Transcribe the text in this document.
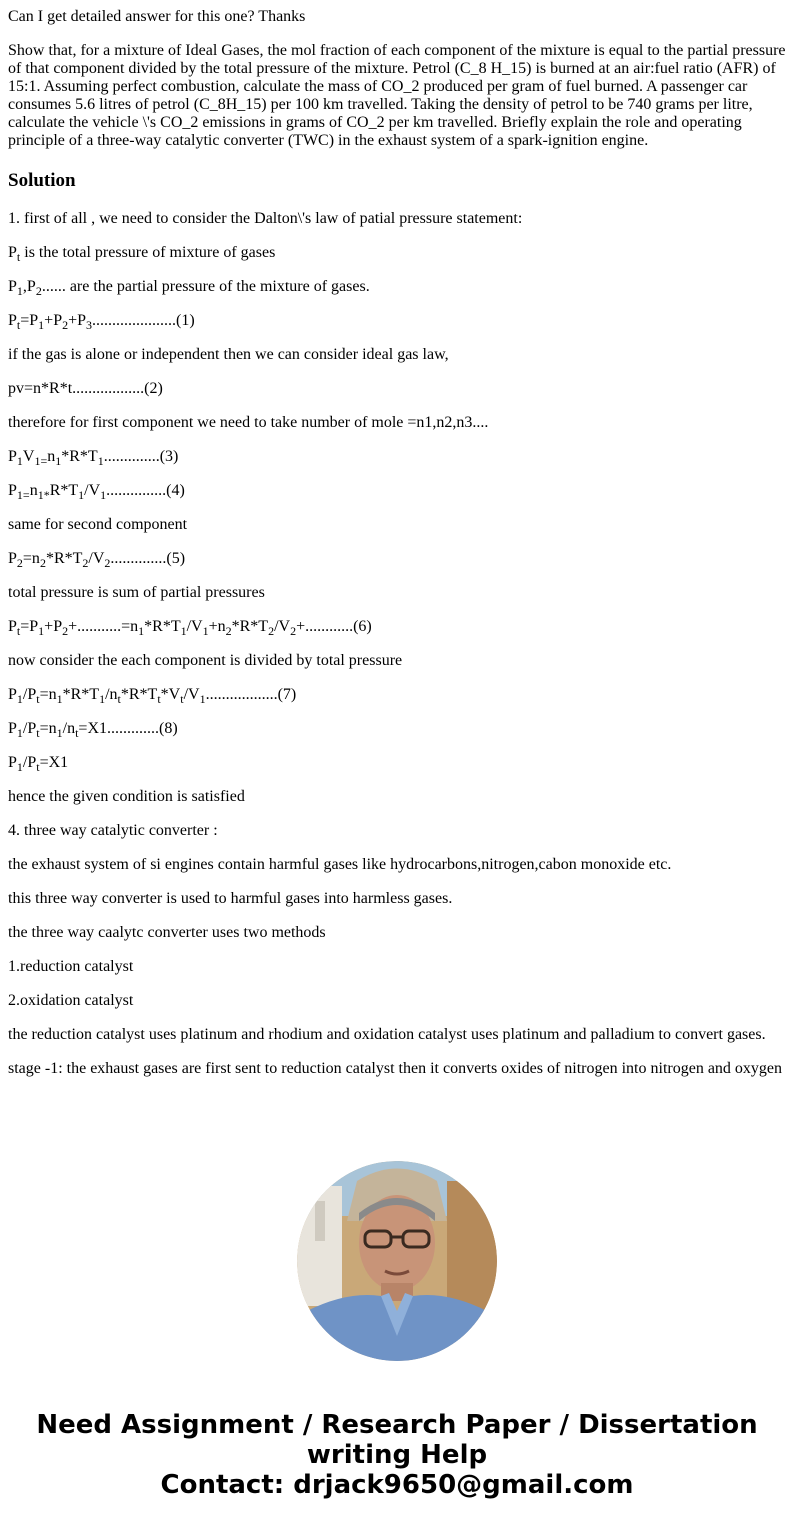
Can I get detailed answer for this one? Thanks

Show that, for a mixture of Ideal Gases, the mol fraction of each component of the mixture is equal to the partial pressure of that component divided by the total pressure of the mixture. Petrol (C_8 H_15) is burned at an air:fuel ratio (AFR) of 15:1. Assuming perfect combustion, calculate the mass of CO_2 produced per gram of fuel burned. A passenger car consumes 5.6 litres of petrol (C_8H_15) per 100 km travelled. Taking the density of petrol to be 740 grams per litre, calculate the vehicle \'s CO_2 emissions in grams of CO_2 per km travelled. Briefly explain the role and operating principle of a three-way catalytic converter (TWC) in the exhaust system of a spark-ignition engine.

Solution

1. first of all , we need to consider the Dalton\'s law of patial pressure statement:

$P_t$ is the total pressure of mixture of gases

$P_1,P_2$...... are the partial pressure of the mixture of gases.

$P_t=P_1+P_2+P_3.....................(1)$

if the gas is alone or independent then we can consider ideal gas law,

pv=n*R*t..................(2)

therefore for first component we need to take number of mole =n1,n2,n3....

$P_1V_{1=}n_1*R*T_1..............(3)$

$P_{1=}n_{1*}R*T_1/V_1...............(4)$

same for second component

$P_2=n_2*R*T_2/V_2..............(5)$

total pressure is sum of partial pressures

$P_t=P_1+P_2+...........=n_1*R*T_1/V_1+n_2*R*T_2/V_2+............(6)$

now consider the each component is divided by total pressure

$P_1/P_t=n_1*R*T_1/n_t*R*T_t*V_t/V_1..................(7)$

$P_1/P_t=n_1/n_t=X1.............(8)$

$P_1/P_t=X1$

hence the given condition is satisfied

4. three way catalytic converter :

the exhaust system of si engines contain harmful gases like hydrocarbons,nitrogen,cabon monoxide etc.

this three way converter is used to harmful gases into harmless gases.

the three way caalytc converter uses two methods

1.reduction catalyst

2.oxidation catalyst

the reduction catalyst uses platinum and rhodium and oxidation catalyst uses platinum and palladium to convert gases.

stage -1: the exhaust gases are first sent to reduction catalyst then it converts oxides of nitrogen into nitrogen and oxygen

Need Assignment / Research Paper / Dissertation
writing Help
Contact: drjack9650@gmail.com
